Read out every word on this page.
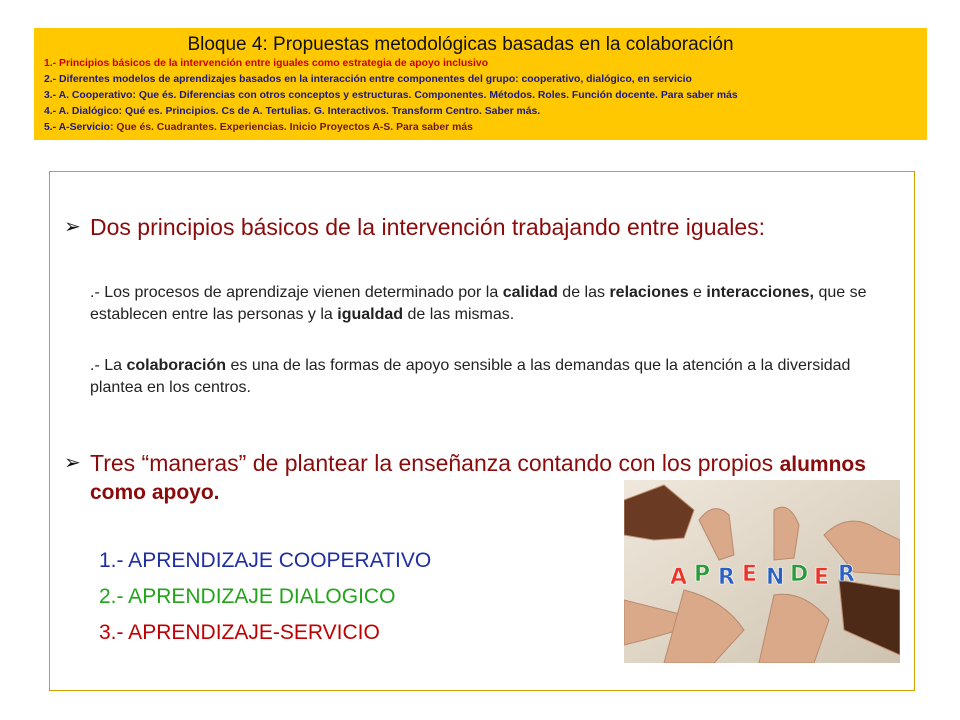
Bloque 4: Propuestas metodológicas basadas en la colaboración
1.- Principios básicos de la intervención entre iguales como estrategia de apoyo inclusivo
2.- Diferentes modelos de aprendizajes basados en la interacción entre componentes del grupo: cooperativo, dialógico, en servicio
3.- A. Cooperativo: Que és. Diferencias con otros conceptos y estructuras. Componentes. Métodos. Roles. Función docente. Para saber más
4.- A. Dialógico: Qué es. Principios. Cs de A. Tertulias. G. Interactivos. Transform Centro. Saber más.
5.- A-Servicio: Que és. Cuadrantes. Experiencias. Inicio Proyectos A-S. Para saber más
➢ Dos principios básicos de la intervención trabajando entre iguales:
.- Los procesos de aprendizaje vienen determinado por la calidad de las relaciones e interacciones, que se establecen entre las personas y la igualdad de las mismas.
.- La colaboración es una de las formas de apoyo sensible a las demandas que la atención a la diversidad plantea en los centros.
➢ Tres “maneras” de plantear la enseñanza contando con los propios alumnos como apoyo.
1.- APRENDIZAJE COOPERATIVO
2.- APRENDIZAJE DIALOGICO
3.- APRENDIZAJE-SERVICIO
A P R E N D E R
